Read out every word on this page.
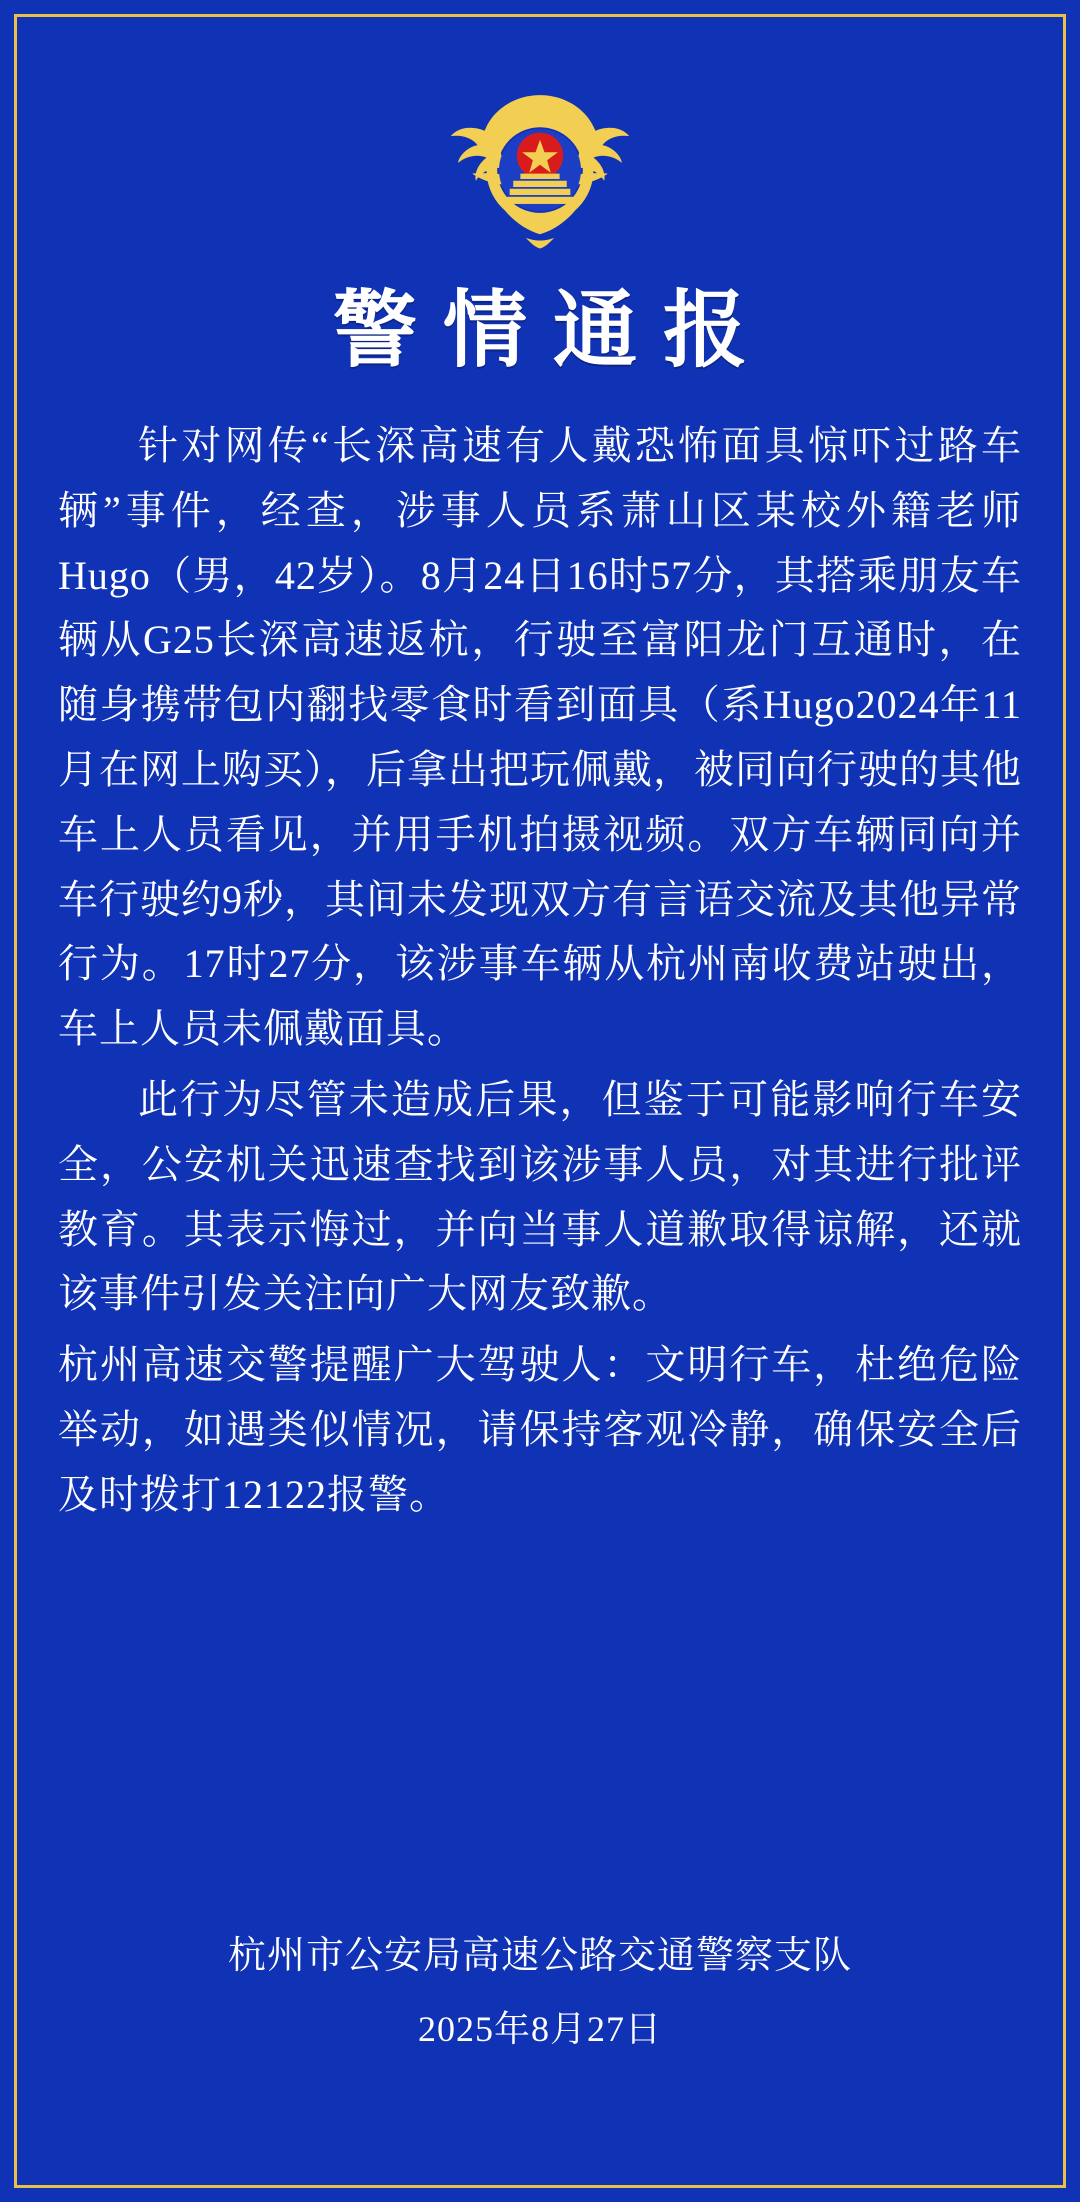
警情通报

针对网传“长深高速有人戴恐怖面具惊吓过路车辆”事件，经查，涉事人员系萧山区某校外籍老师Hugo（男，42岁）。8月24日16时57分，其搭乘朋友车辆从G25长深高速返杭，行驶至富阳龙门互通时，在随身携带包内翻找零食时看到面具（系Hugo2024年11月在网上购买），后拿出把玩佩戴，被同向行驶的其他车上人员看见，并用手机拍摄视频。双方车辆同向并车行驶约9秒，其间未发现双方有言语交流及其他异常行为。17时27分，该涉事车辆从杭州南收费站驶出，车上人员未佩戴面具。

此行为尽管未造成后果，但鉴于可能影响行车安全，公安机关迅速查找到该涉事人员，对其进行批评教育。其表示悔过，并向当事人道歉取得谅解，还就该事件引发关注向广大网友致歉。

杭州高速交警提醒广大驾驶人：文明行车，杜绝危险举动，如遇类似情况，请保持客观冷静，确保安全后及时拨打12122报警。

杭州市公安局高速公路交通警察支队
2025年8月27日
